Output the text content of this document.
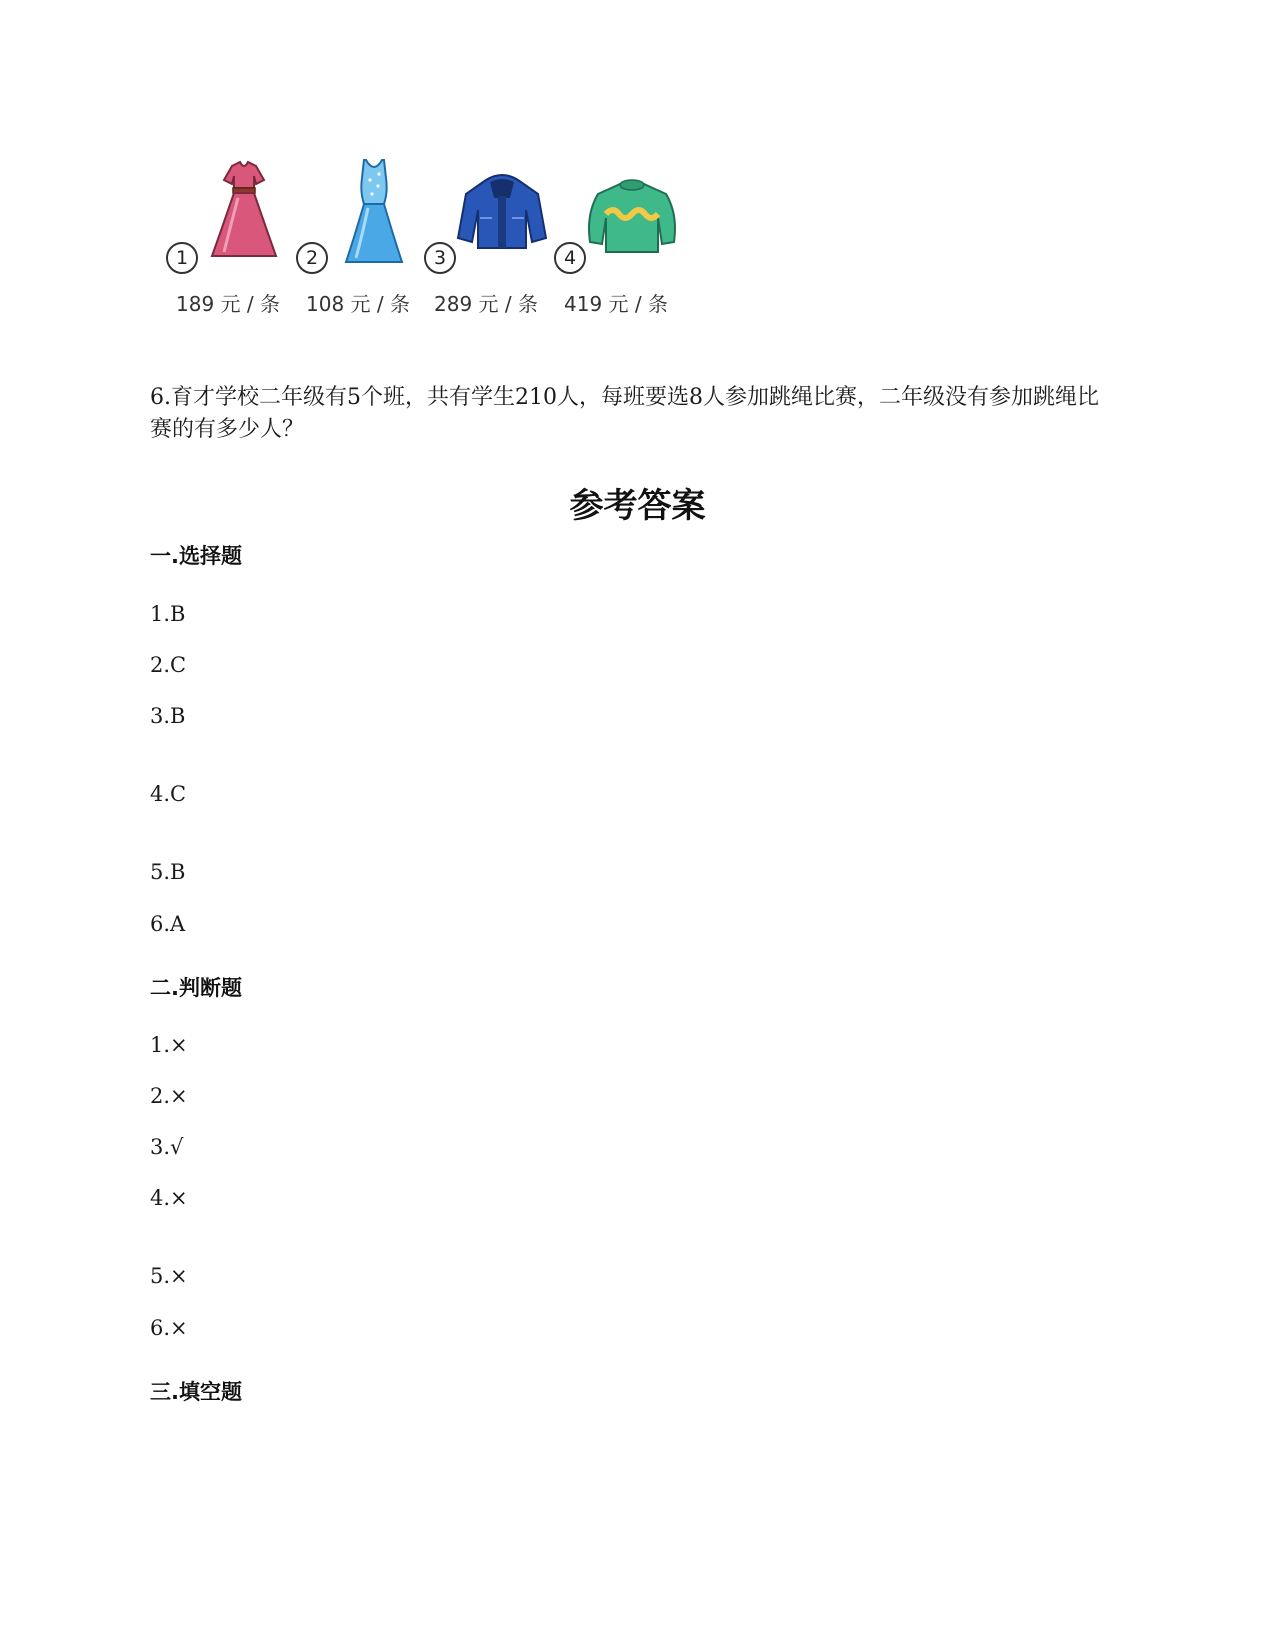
1
189 元 / 条
2
108 元 / 条
3
289 元 / 条
4
419 元 / 条
6.育才学校二年级有5个班，共有学生210人，每班要选8人参加跳绳比赛，二年级没有参加跳绳比赛的有多少人？
参考答案
一.选择题
1.B
2.C
3.B
4.C
5.B
6.A
二.判断题
1.×
2.×
3.√
4.×
5.×
6.×
三.填空题
